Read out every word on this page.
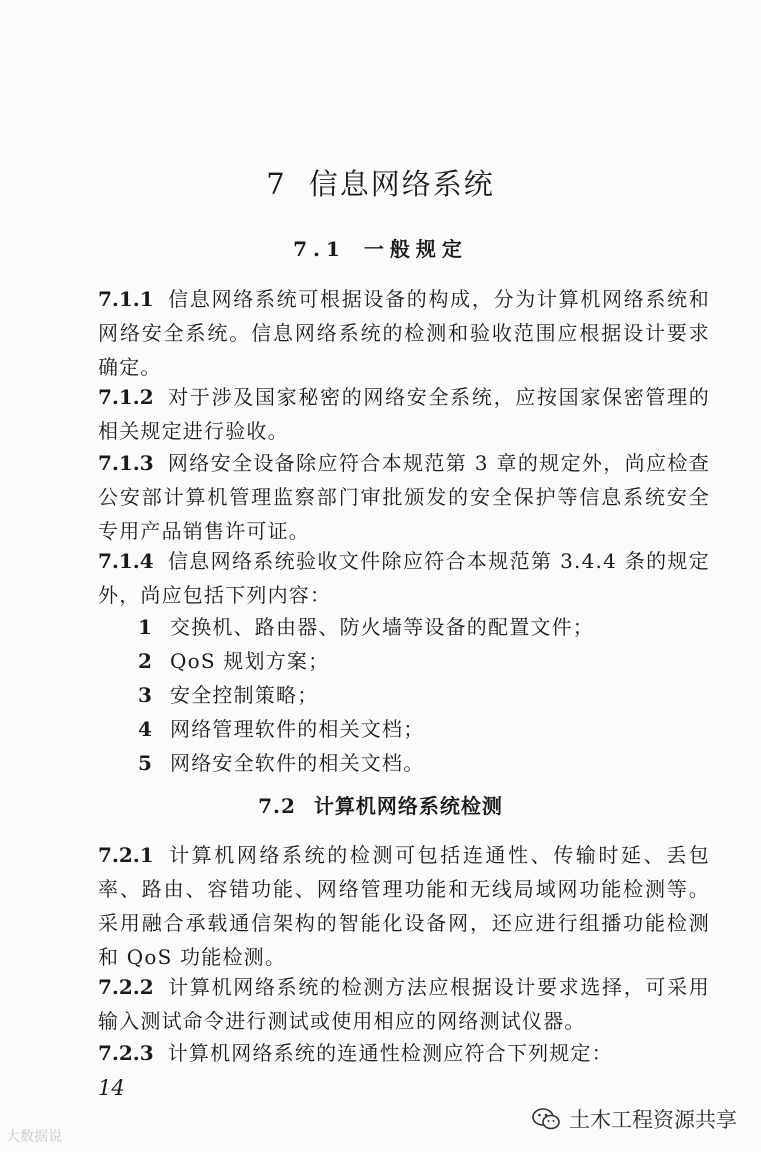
7 信息网络系统
7.1 一般规定
7.1.1 信息网络系统可根据设备的构成，分为计算机网络系统和网络安全系统。信息网络系统的检测和验收范围应根据设计要求确定。
7.1.2 对于涉及国家秘密的网络安全系统，应按国家保密管理的相关规定进行验收。
7.1.3 网络安全设备除应符合本规范第 3 章的规定外，尚应检查公安部计算机管理监察部门审批颁发的安全保护等信息系统安全专用产品销售许可证。
7.1.4 信息网络系统验收文件除应符合本规范第 3.4.4 条的规定外，尚应包括下列内容：
1 交换机、路由器、防火墙等设备的配置文件；
2 QoS 规划方案；
3 安全控制策略；
4 网络管理软件的相关文档；
5 网络安全软件的相关文档。
7.2 计算机网络系统检测
7.2.1 计算机网络系统的检测可包括连通性、传输时延、丢包率、路由、容错功能、网络管理功能和无线局域网功能检测等。采用融合承载通信架构的智能化设备网，还应进行组播功能检测和 QoS 功能检测。
7.2.2 计算机网络系统的检测方法应根据设计要求选择，可采用输入测试命令进行测试或使用相应的网络测试仪器。
7.2.3 计算机网络系统的连通性检测应符合下列规定：
14
土木工程资源共享
大数据说
